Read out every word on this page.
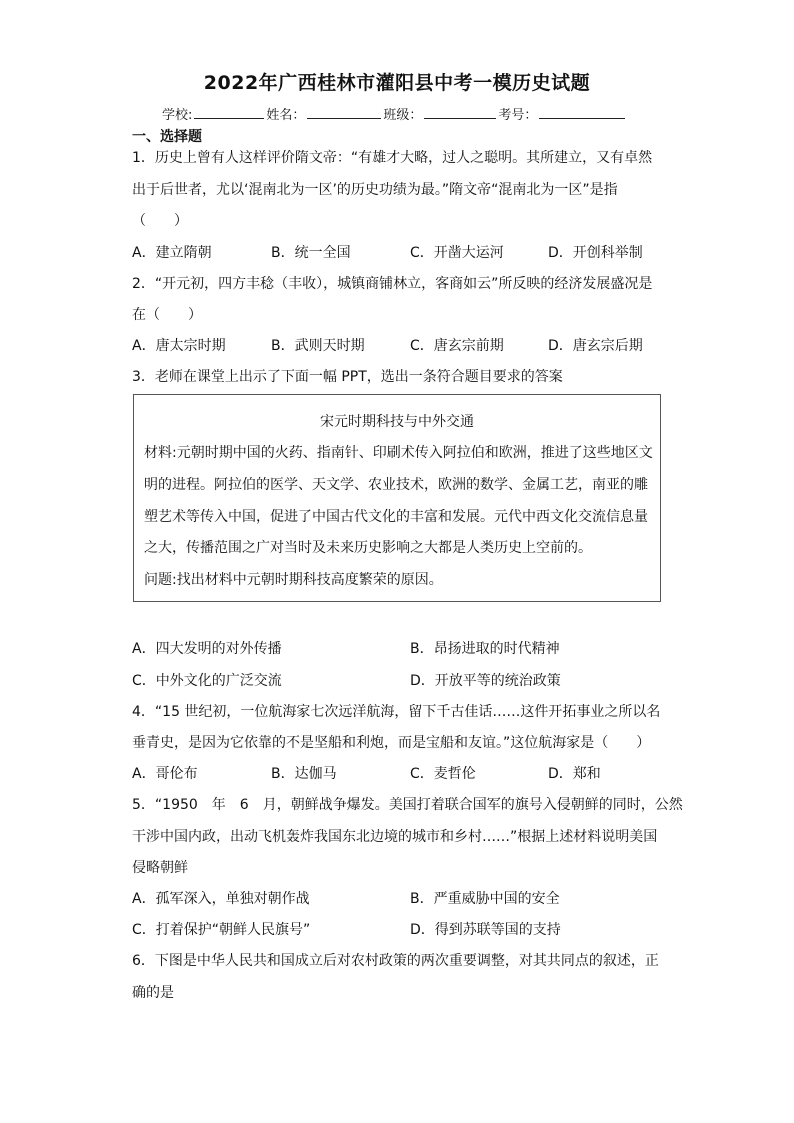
2022年广西桂林市灌阳县中考一模历史试题
学校:	姓名：	班级：	考号：
一、选择题
1．历史上曾有人这样评价隋文帝：“有雄才大略，过人之聪明。其所建立，又有卓然
出于后世者，尤以‘混南北为一区’的历史功绩为最。”隋文帝“混南北为一区”是指
（　　）
A．建立隋朝	B．统一全国	C．开凿大运河	D．开创科举制
2．“开元初，四方丰稔（丰收），城镇商铺林立，客商如云”所反映的经济发展盛况是
在（　　）
A．唐太宗时期	B．武则天时期	C．唐玄宗前期	D．唐玄宗后期
3．老师在课堂上出示了下面一幅 PPT，选出一条符合题目要求的答案
宋元时期科技与中外交通
材料:元朝时期中国的火药、指南针、印刷术传入阿拉伯和欧洲，推进了这些地区文
明的进程。阿拉伯的医学、天文学、农业技术，欧洲的数学、金属工艺，南亚的雕
塑艺术等传入中国，促进了中国古代文化的丰富和发展。元代中西文化交流信息量
之大，传播范围之广对当时及未来历史影响之大都是人类历史上空前的。
问题:找出材料中元朝时期科技高度繁荣的原因。
A．四大发明的对外传播	B．昂扬进取的时代精神
C．中外文化的广泛交流	D．开放平等的统治政策
4．“15 世纪初，一位航海家七次远洋航海，留下千古佳话……这件开拓事业之所以名
垂青史，是因为它依靠的不是坚船和利炮，而是宝船和友谊。”这位航海家是（　　）
A．哥伦布	B．达伽马	C．麦哲伦	D．郑和
5．“1950　年　6　月，朝鲜战争爆发。美国打着联合国军的旗号入侵朝鲜的同时，公然
干涉中国内政，出动飞机轰炸我国东北边境的城市和乡村……”根据上述材料说明美国
侵略朝鲜
A．孤军深入，单独对朝作战	B．严重威胁中国的安全
C．打着保护“朝鲜人民旗号”	D．得到苏联等国的支持
6．下图是中华人民共和国成立后对农村政策的两次重要调整，对其共同点的叙述，正
确的是
